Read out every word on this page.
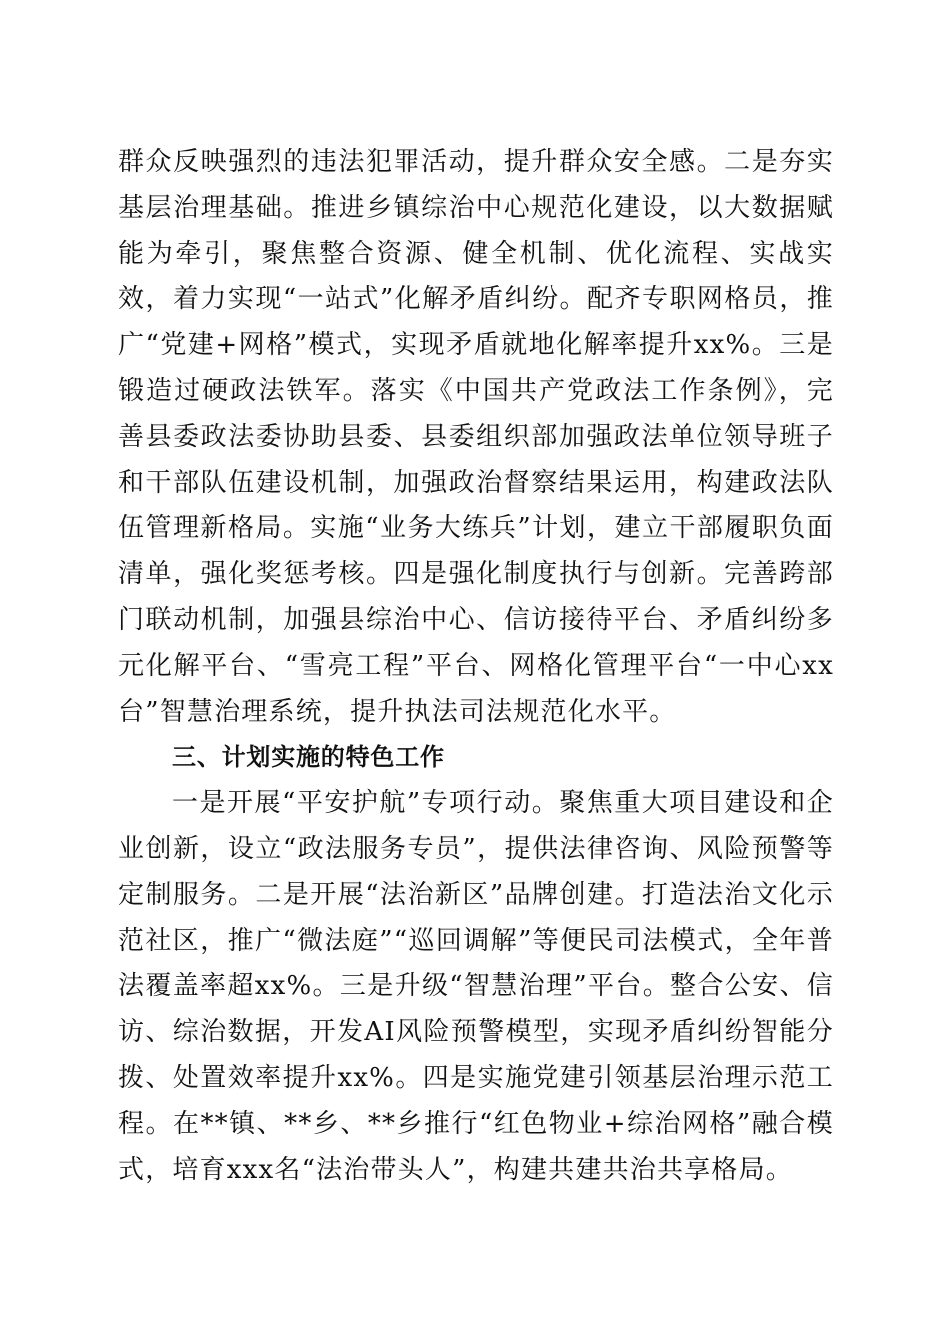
群众反映强烈的违法犯罪活动，提升群众安全感。二是夯实基层治理基础。推进乡镇综治中心规范化建设，以大数据赋能为牵引，聚焦整合资源、健全机制、优化流程、实战实效，着力实现“一站式”化解矛盾纠纷。配齐专职网格员，推广“党建+网格”模式，实现矛盾就地化解率提升xx%。三是锻造过硬政法铁军。落实《中国共产党政法工作条例》，完善县委政法委协助县委、县委组织部加强政法单位领导班子和干部队伍建设机制，加强政治督察结果运用，构建政法队伍管理新格局。实施“业务大练兵”计划，建立干部履职负面清单，强化奖惩考核。四是强化制度执行与创新。完善跨部门联动机制，加强县综治中心、信访接待平台、矛盾纠纷多元化解平台、“雪亮工程”平台、网格化管理平台“一中心xx台”智慧治理系统，提升执法司法规范化水平。

三、计划实施的特色工作

一是开展“平安护航”专项行动。聚焦重大项目建设和企业创新，设立“政法服务专员”，提供法律咨询、风险预警等定制服务。二是开展“法治新区”品牌创建。打造法治文化示范社区，推广“微法庭”“巡回调解”等便民司法模式，全年普法覆盖率超xx%。三是升级“智慧治理”平台。整合公安、信访、综治数据，开发AI风险预警模型，实现矛盾纠纷智能分拨、处置效率提升xx%。四是实施党建引领基层治理示范工程。在**镇、**乡、**乡推行“红色物业+综治网格”融合模式，培育xxx名“法治带头人”，构建共建共治共享格局。
